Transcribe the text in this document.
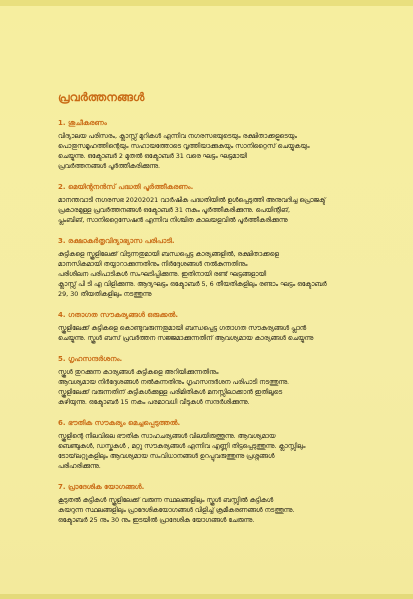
പ്രവർത്തനങ്ങൾ

1. ശുചീകരണം

വിദ്യാലയ പരിസരം, ക്ലാസ്സ് മുറികൾ എന്നിവ നഗരസഭയുടെയും രക്ഷിതാക്കളുടെയും
പൊതുസമൂഹത്തിന്റെയും സഹായത്തോടെ വൃത്തിയാക്കുകയും സാനിറ്റൈസ് ചെയ്യുകയും
ചെയ്യുന്നു. ഒക്ടോബർ 2 മുതൽ ഒക്ടോബർ 31 വരെ ഘട്ടം ഘട്ടമായി
പ്രവർത്തനങ്ങൾ പൂർത്തീകരിക്കുന്നു.

2. മെയിന്റനൻസ് പദ്ധതി പൂർത്തീകരണം.

മാനന്തവാടി നഗരസഭ 20202021 വാർഷിക പദ്ധതിയിൽ ഉൾപ്പെടുത്തി അനുവദിച്ച പ്രൊജക്ട്
പ്രകാരമുള്ള പ്രവർത്തനങ്ങൾ ഒക്ടോബർ 31 നകം പൂർത്തീകരിക്കുന്നു. പെയിന്റിങ്,
പ്ലംബിങ്, സാനിറ്റൈസേഷൻ എന്നിവ നിശ്ചിത കാലയളവിൽ പൂർത്തീകരിക്കുന്നു

3. രക്ഷാകർതൃവിദ്യാഭ്യാസ പരിപാടി.

കുട്ടികളെ സ്കൂളിലേക്ക് വിടുന്നതുമായി ബന്ധപ്പെട്ട കാര്യങ്ങളിൽ, രക്ഷിതാക്കളെ
മാനസികമായി തയ്യാറാക്കുന്നതിനും നിർദ്ദേശങ്ങൾ നൽകുന്നതിനും
പരിശീലന പരിപാടികൾ സംഘടിപ്പിക്കുന്നു. ഇതിനായി രണ്ട് ഘട്ടങ്ങളായി
ക്ലാസ്സ് പി ടി എ വിളിക്കുന്നു. ആദ്യഘട്ടം ഒക്ടോബർ 5, 6 തീയതികളിലും രണ്ടാം ഘട്ടം ഒക്ടോബർ
29, 30 തീയതികളിലും നടത്തുന്നു

4. ഗതാഗത സൗകര്യങ്ങൾ ഒരുക്കൽ.

സ്കൂളിലേക്ക് കുട്ടികളെ കൊണ്ടുവരുന്നതുമായി ബന്ധപ്പെട്ട ഗതാഗത സൗകര്യങ്ങൾ പ്ലാൻ
ചെയ്യുന്നു. സ്കൂൾ ബസ് പ്രവർത്തന സജ്ജമാക്കുന്നതിന് ആവശ്യമായ കാര്യങ്ങൾ ചെയ്യുന്നു

5. ഗൃഹസന്ദർശനം.

സ്കൂൾ തുറക്കുന്ന കാര്യങ്ങൾ കുട്ടികളെ അറിയിക്കുന്നതിനും
ആവശ്യമായ നിർദ്ദേശങ്ങൾ നൽകുന്നതിനും ഗൃഹസന്ദർശന പരിപാടി നടത്തുന്നു.
സ്കൂളിലേക്ക് വരുന്നതിന് കുട്ടികൾക്കുള്ള പരിമിതികൾ മനസ്സിലാക്കാൻ ഇതിലൂടെ
കഴിയുന്നു. ഒക്ടോബർ 15 നകം പരമാവധി വീടുകൾ സന്ദർശിക്കുന്നു.

6. ഭൗതിക സൗകര്യം മെച്ചപ്പെടുത്തൽ.

സ്കൂളിന്റെ നിലവിലെ ഭൗതിക സാഹചര്യങ്ങൾ വിലയിരുത്തുന്നു. ആവശ്യമായ
ബെഞ്ചുകൾ, ഡസ്കുകൾ , മറ്റു സൗകര്യങ്ങൾ എന്നിവ എണ്ണി തിട്ടപ്പെടുത്തുന്നു. ക്ലാസ്സിലും
ടോയ്‌ലറ്റുകളിലും ആവശ്യമായ സംവിധാനങ്ങൾ ഉറപ്പുവരുത്തുന്നു പ്രശ്നങ്ങൾ
പരിഹരിക്കുന്നു.

7. പ്രാദേശിക യോഗങ്ങൾ.

കൂടുതൽ കുട്ടികൾ സ്കൂളിലേക്ക് വരുന്ന സ്ഥലങ്ങളിലും സ്കൂൾ ബസ്സിൽ കുട്ടികൾ
കയറുന്ന സ്ഥലങ്ങളിലും പ്രാദേശികയോഗങ്ങൾ വിളിച്ച് ക്രമീകരണങ്ങൾ നടത്തുന്നു.
ഒക്ടോബർ 25 നും 30 നും ഇടയിൽ പ്രാദേശിക യോഗങ്ങൾ ചേരുന്നു.
